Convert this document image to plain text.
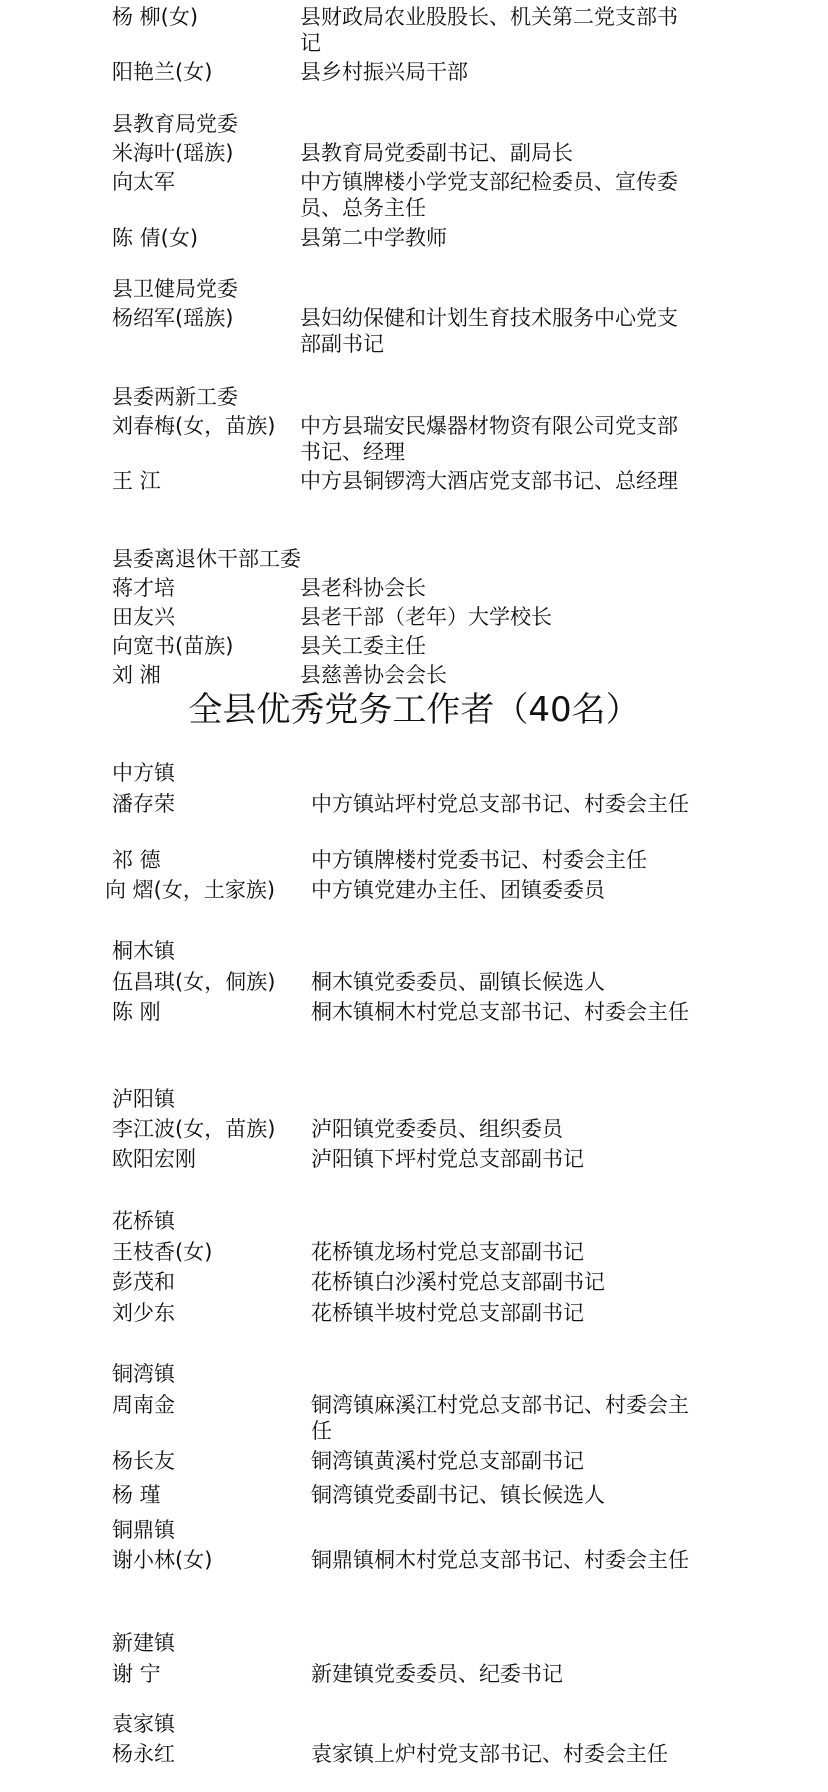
杨 柳(女)	县财政局农业股股长、机关第二党支部书记
阳艳兰(女)	县乡村振兴局干部
县教育局党委
米海叶(瑶族)	县教育局党委副书记、副局长
向太军	中方镇牌楼小学党支部纪检委员、宣传委员、总务主任
陈 倩(女)	县第二中学教师
县卫健局党委
杨绍军(瑶族)	县妇幼保健和计划生育技术服务中心党支部副书记
县委两新工委
刘春梅(女，苗族) 中方县瑞安民爆器材物资有限公司党支部书记、经理
王 江	中方县铜锣湾大酒店党支部书记、总经理
县委离退休干部工委
蒋才培	县老科协会长
田友兴	县老干部（老年）大学校长
向宽书(苗族)	县关工委主任
刘 湘	县慈善协会会长
全县优秀党务工作者（40名）
中方镇
潘存荣	中方镇站坪村党总支部书记、村委会主任
祁 德	中方镇牌楼村党委书记、村委会主任
向 熠(女，土家族) 中方镇党建办主任、团镇委委员
桐木镇
伍昌琪(女，侗族) 桐木镇党委委员、副镇长候选人
陈 刚	桐木镇桐木村党总支部书记、村委会主任
泸阳镇
李江波(女，苗族) 泸阳镇党委委员、组织委员
欧阳宏刚	泸阳镇下坪村党总支部副书记
花桥镇
王枝香(女)	花桥镇龙场村党总支部副书记
彭茂和	花桥镇白沙溪村党总支部副书记
刘少东	花桥镇半坡村党总支部副书记
铜湾镇
周南金	铜湾镇麻溪江村党总支部书记、村委会主任
杨长友	铜湾镇黄溪村党总支部副书记
杨 瑾	铜湾镇党委副书记、镇长候选人
铜鼎镇
谢小林(女)	铜鼎镇桐木村党总支部书记、村委会主任
新建镇
谢 宁	新建镇党委委员、纪委书记
袁家镇
杨永红	袁家镇上炉村党支部书记、村委会主任
